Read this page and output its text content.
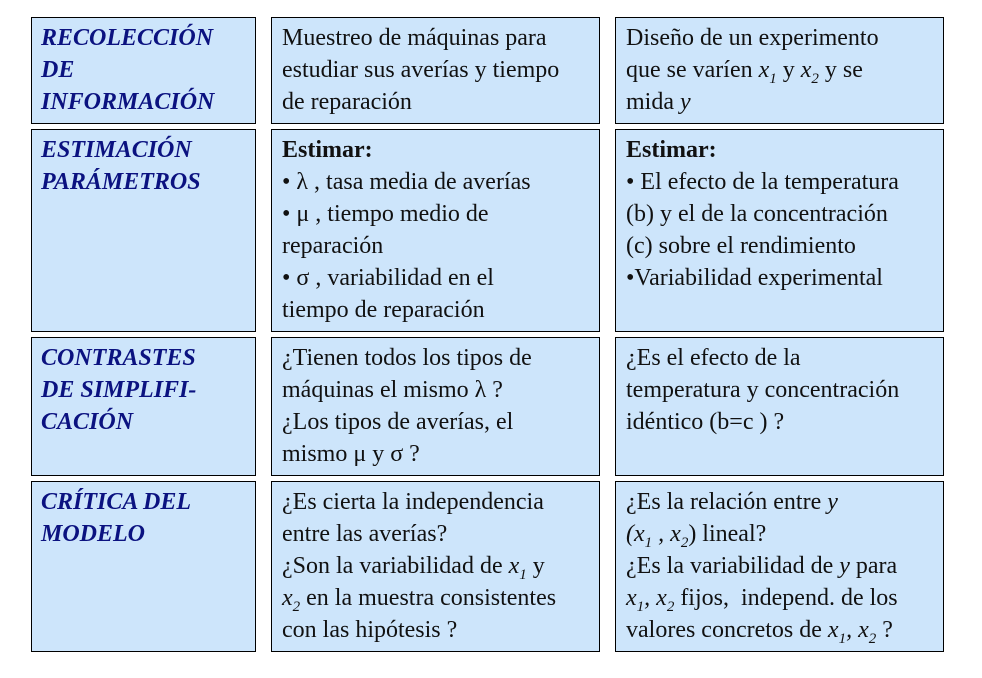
RECOLECCIÓN
DE
INFORMACIÓN
Muestreo de máquinas para
estudiar sus averías y tiempo
de reparación
Diseño de un experimento
que se varíen $x_1$ y $x_2$ y se
mida y
ESTIMACIÓN
PARÁMETROS
Estimar:
• λ , tasa media de averías
• μ , tiempo medio de
reparación
• σ , variabilidad en el
tiempo de reparación
Estimar:
• El efecto de la temperatura
(b) y el de la concentración
(c) sobre el rendimiento
•Variabilidad experimental
CONTRASTES
DE SIMPLIFI-
CACIÓN
¿Tienen todos los tipos de
máquinas el mismo λ ?
¿Los tipos de averías, el
mismo μ y σ ?
¿Es el efecto de la
temperatura y concentración
idéntico (b=c ) ?
CRÍTICA DEL
MODELO
¿Es cierta la independencia
entre las averías?
¿Son la variabilidad de $x_1$ y
$x_2$ en la muestra consistentes
con las hipótesis ?
¿Es la relación entre y
($x_1$ , $x_2$) lineal?
¿Es la variabilidad de y para
$x_1$, $x_2$ fijos,  independ. de los
valores concretos de $x_1$, $x_2$ ?
